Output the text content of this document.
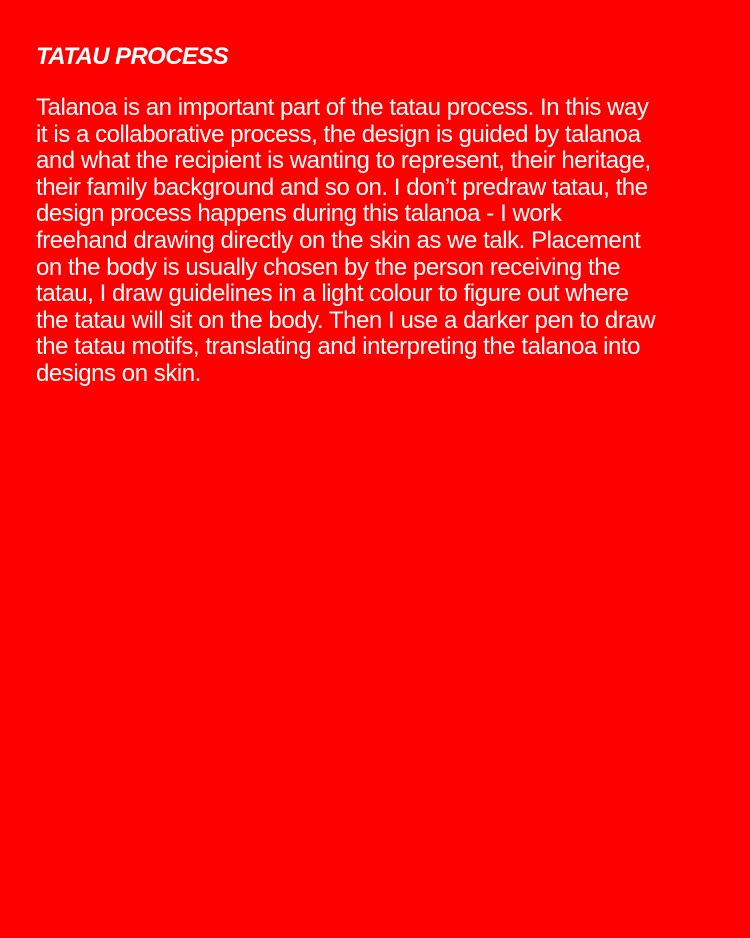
TATAU PROCESS

Talanoa is an important part of the tatau process. In this way
it is a collaborative process, the design is guided by talanoa
and what the recipient is wanting to represent, their heritage,
their family background and so on. I don’t predraw tatau, the
design process happens during this talanoa - I work
freehand drawing directly on the skin as we talk. Placement
on the body is usually chosen by the person receiving the
tatau, I draw guidelines in a light colour to figure out where
the tatau will sit on the body. Then I use a darker pen to draw
the tatau motifs, translating and interpreting the talanoa into
designs on skin.
